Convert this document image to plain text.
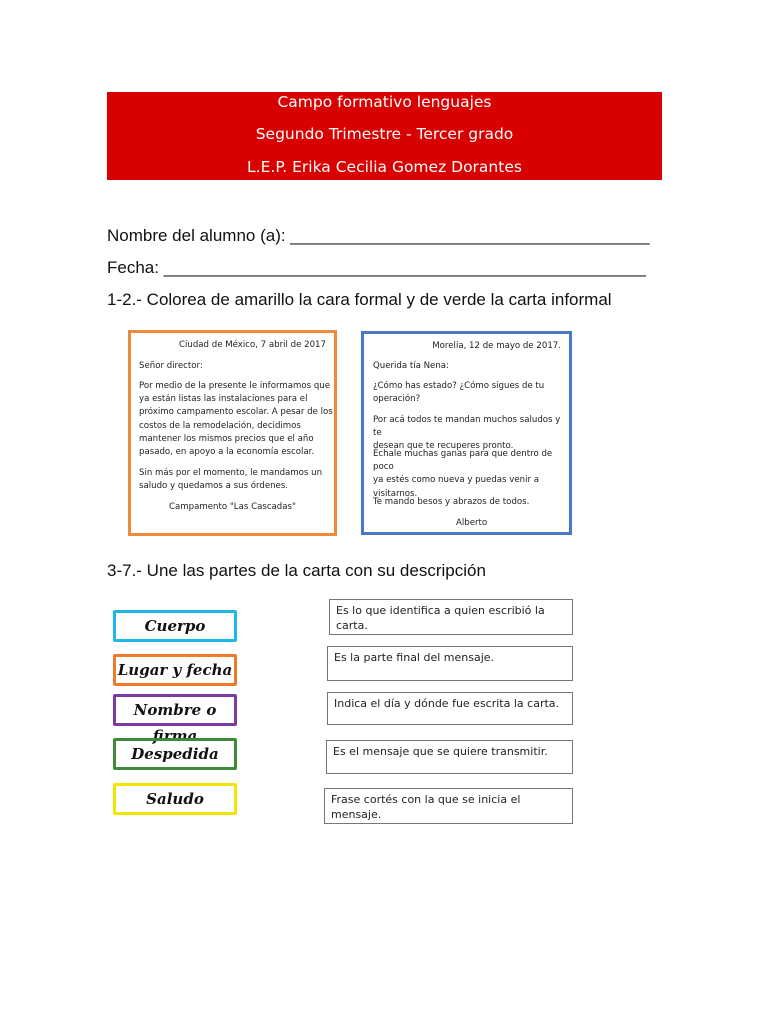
Campo formativo lenguajes
Segundo Trimestre - Tercer grado
L.E.P. Erika Cecilia Gomez Dorantes
Nombre del alumno (a): ______________________________________
Fecha: ___________________________________________________
1-2.- Colorea de amarillo la cara formal y de verde la carta informal

Ciudad de México, 7 abril de 2017

Señor director:

Por medio de la presente le informamos que
ya están listas las instalaciones para el
próximo campamento escolar. A pesar de los
costos de la remodelación, decidimos
mantener los mismos precios que el año
pasado, en apoyo a la economía escolar.

Sin más por el momento, le mandamos un
saludo y quedamos a sus órdenes.

Campamento "Las Cascadas"

Morelia, 12 de mayo de 2017.

Querida tía Nena:

¿Cómo has estado? ¿Cómo sigues de tu
operación?

Por acá todos te mandan muchos saludos y te
desean que te recuperes pronto.

Échale muchas ganas para que dentro de poco
ya estés como nueva y puedas venir a
visitarnos.

Te mando besos y abrazos de todos.

Alberto

3-7.- Une las partes de la carta con su descripción
Cuerpo
Lugar y fecha
Nombre o firma
Despedida
Saludo
Es lo que identifica a quien escribió la carta.
Es la parte final del mensaje.
Indica el día y dónde fue escrita la carta.
Es el mensaje que se quiere transmitir.
Frase cortés con la que se inicia el mensaje.
